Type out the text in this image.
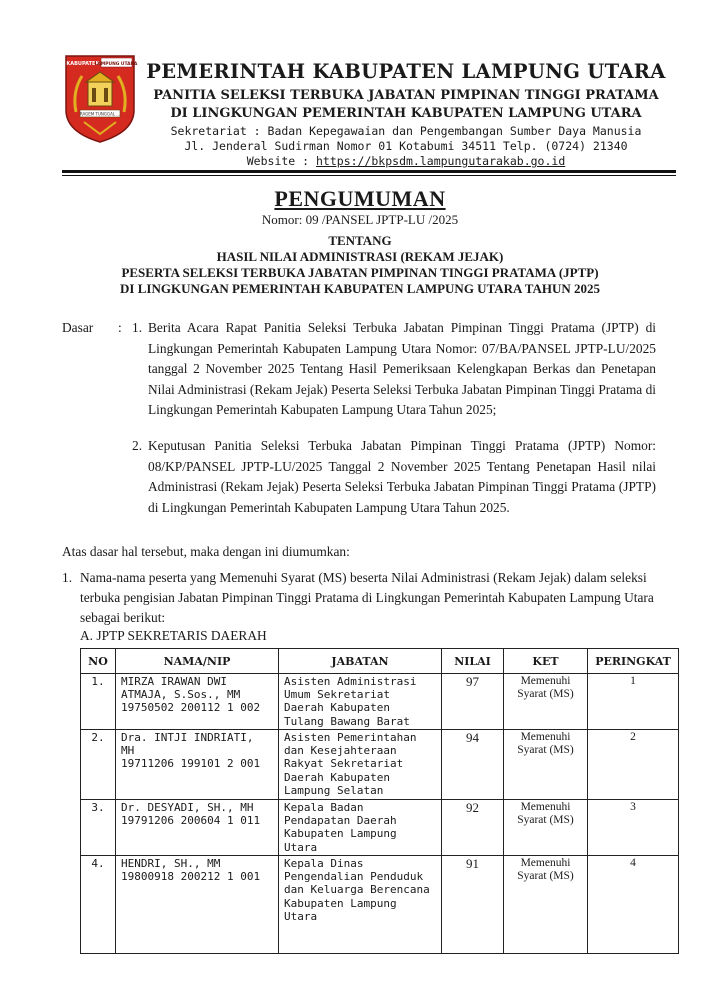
KABUPATEN
LAMPUNG UTARA
RAGEM TUNGGAL ...
PEMERINTAH KABUPATEN LAMPUNG UTARA
PANITIA SELEKSI TERBUKA JABATAN PIMPINAN TINGGI PRATAMA
DI LINGKUNGAN PEMERINTAH KABUPATEN LAMPUNG UTARA
Sekretariat : Badan Kepegawaian dan Pengembangan Sumber Daya Manusia
Jl. Jenderal Sudirman Nomor 01 Kotabumi 34511 Telp. (0724) 21340
Website : https://bkpsdm.lampungutarakab.go.id
PENGUMUMAN
Nomor: 09 /PANSEL JPTP-LU /2025
TENTANG
HASIL NILAI ADMINISTRASI (REKAM JEJAK)
PESERTA SELEKSI TERBUKA JABATAN PIMPINAN TINGGI PRATAMA (JPTP)
DI LINGKUNGAN PEMERINTAH KABUPATEN LAMPUNG UTARA TAHUN 2025
Dasar : 1. Berita Acara Rapat Panitia Seleksi Terbuka Jabatan Pimpinan Tinggi Pratama (JPTP) di Lingkungan Pemerintah Kabupaten Lampung Utara Nomor: 07/BA/PANSEL JPTP-LU/2025 tanggal 2 November 2025 Tentang Hasil Pemeriksaan Kelengkapan Berkas dan Penetapan Nilai Administrasi (Rekam Jejak) Peserta Seleksi Terbuka Jabatan Pimpinan Tinggi Pratama di Lingkungan Pemerintah Kabupaten Lampung Utara Tahun 2025;
2. Keputusan Panitia Seleksi Terbuka Jabatan Pimpinan Tinggi Pratama (JPTP) Nomor: 08/KP/PANSEL JPTP-LU/2025 Tanggal 2 November 2025 Tentang Penetapan Hasil nilai Administrasi (Rekam Jejak) Peserta Seleksi Terbuka Jabatan Pimpinan Tinggi Pratama (JPTP) di Lingkungan Pemerintah Kabupaten Lampung Utara Tahun 2025.
Atas dasar hal tersebut, maka dengan ini diumumkan:
1. Nama-nama peserta yang Memenuhi Syarat (MS) beserta Nilai Administrasi (Rekam Jejak) dalam seleksi terbuka pengisian Jabatan Pimpinan Tinggi Pratama di Lingkungan Pemerintah Kabupaten Lampung Utara sebagai berikut:
A. JPTP SEKRETARIS DAERAH
NO	NAMA/NIP	JABATAN	NILAI	KET	PERINGKAT
1.	MIRZA IRAWAN DWI ATMAJA, S.Sos., MM
19750502 200112 1 002	Asisten Administrasi Umum Sekretariat Daerah Kabupaten Tulang Bawang Barat	97	Memenuhi Syarat (MS)	1
2.	Dra. INTJI INDRIATI, MH
19711206 199101 2 001	Asisten Pemerintahan dan Kesejahteraan Rakyat Sekretariat Daerah Kabupaten Lampung Selatan	94	Memenuhi Syarat (MS)	2
3.	Dr. DESYADI, SH., MH
19791206 200604 1 011	Kepala Badan Pendapatan Daerah Kabupaten Lampung Utara	92	Memenuhi Syarat (MS)	3
4.	HENDRI, SH., MM
19800918 200212 1 001	Kepala Dinas Pengendalian Penduduk dan Keluarga Berencana Kabupaten Lampung Utara	91	Memenuhi Syarat (MS)	4
